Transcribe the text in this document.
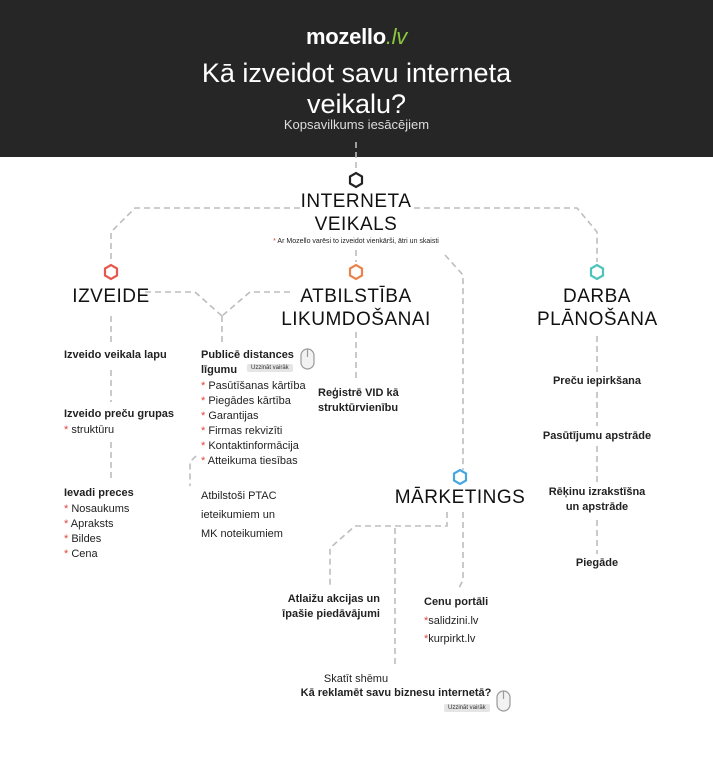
mozello.lv
Kā izveidot savu interneta
veikalu?
Kopsavilkums iesācējiem
INTERNETA
VEIKALS
* Ar Mozello varēsi to izveidot vienkārši, ātri un skaisti
IZVEIDE
Izveido veikala lapu
Izveido preču grupas
* struktūru
Ievadi preces
* Nosaukums
* Apraksts
* Bildes
* Cena
Publicē distances
līgumu	Uzzināt vairāk
* Pasūtīšanas kārtība
* Piegādes kārtība
* Garantijas
* Firmas rekvizīti
* Kontaktinformācija
* Atteikuma tiesības
Atbilstoši PTAC
ieteikumiem un
MK noteikumiem
ATBILSTĪBA
LIKUMDOŠANAI
Reģistrē VID kā
struktūrvienību
DARBA
PLĀNOŠANA
Preču iepirkšana
Pasūtījumu apstrāde
Rēķinu izrakstīšna
un apstrāde
Piegāde
MĀRKETINGS
Atlaižu akcijas un
īpašie piedāvājumi
Cenu portāli
*salidzini.lv
*kurpirkt.lv
Skatīt shēmu
Kā reklamēt savu biznesu internetā?
Uzzināt vairāk
